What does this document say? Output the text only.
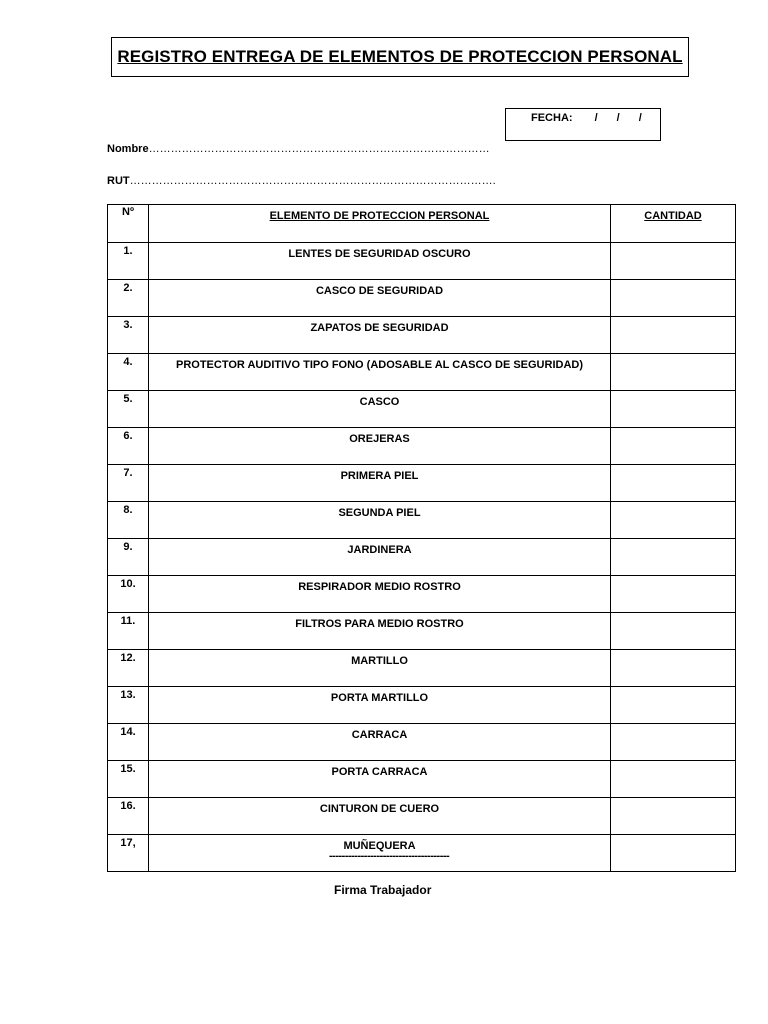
REGISTRO ENTREGA DE ELEMENTOS DE PROTECCION PERSONAL
FECHA: / / /
Nombre…………………………………………………………………………………
RUT……………………………………………………………………………………….
Nº	ELEMENTO DE PROTECCION PERSONAL	CANTIDAD
1.	LENTES DE SEGURIDAD OSCURO	
2.	CASCO DE SEGURIDAD	
3.	ZAPATOS DE SEGURIDAD	
4.	PROTECTOR AUDITIVO TIPO FONO (ADOSABLE AL CASCO DE SEGURIDAD)	
5.	CASCO	
6.	OREJERAS	
7.	PRIMERA PIEL	
8.	SEGUNDA PIEL	
9.	JARDINERA	
10.	RESPIRADOR MEDIO ROSTRO	
11.	FILTROS PARA MEDIO ROSTRO	
12.	MARTILLO	
13.	PORTA MARTILLO	
14.	CARRACA	
15.	PORTA CARRACA	
16.	CINTURON DE CUERO	
17,	MUÑEQUERA	
--------------------------------------
Firma Trabajador
